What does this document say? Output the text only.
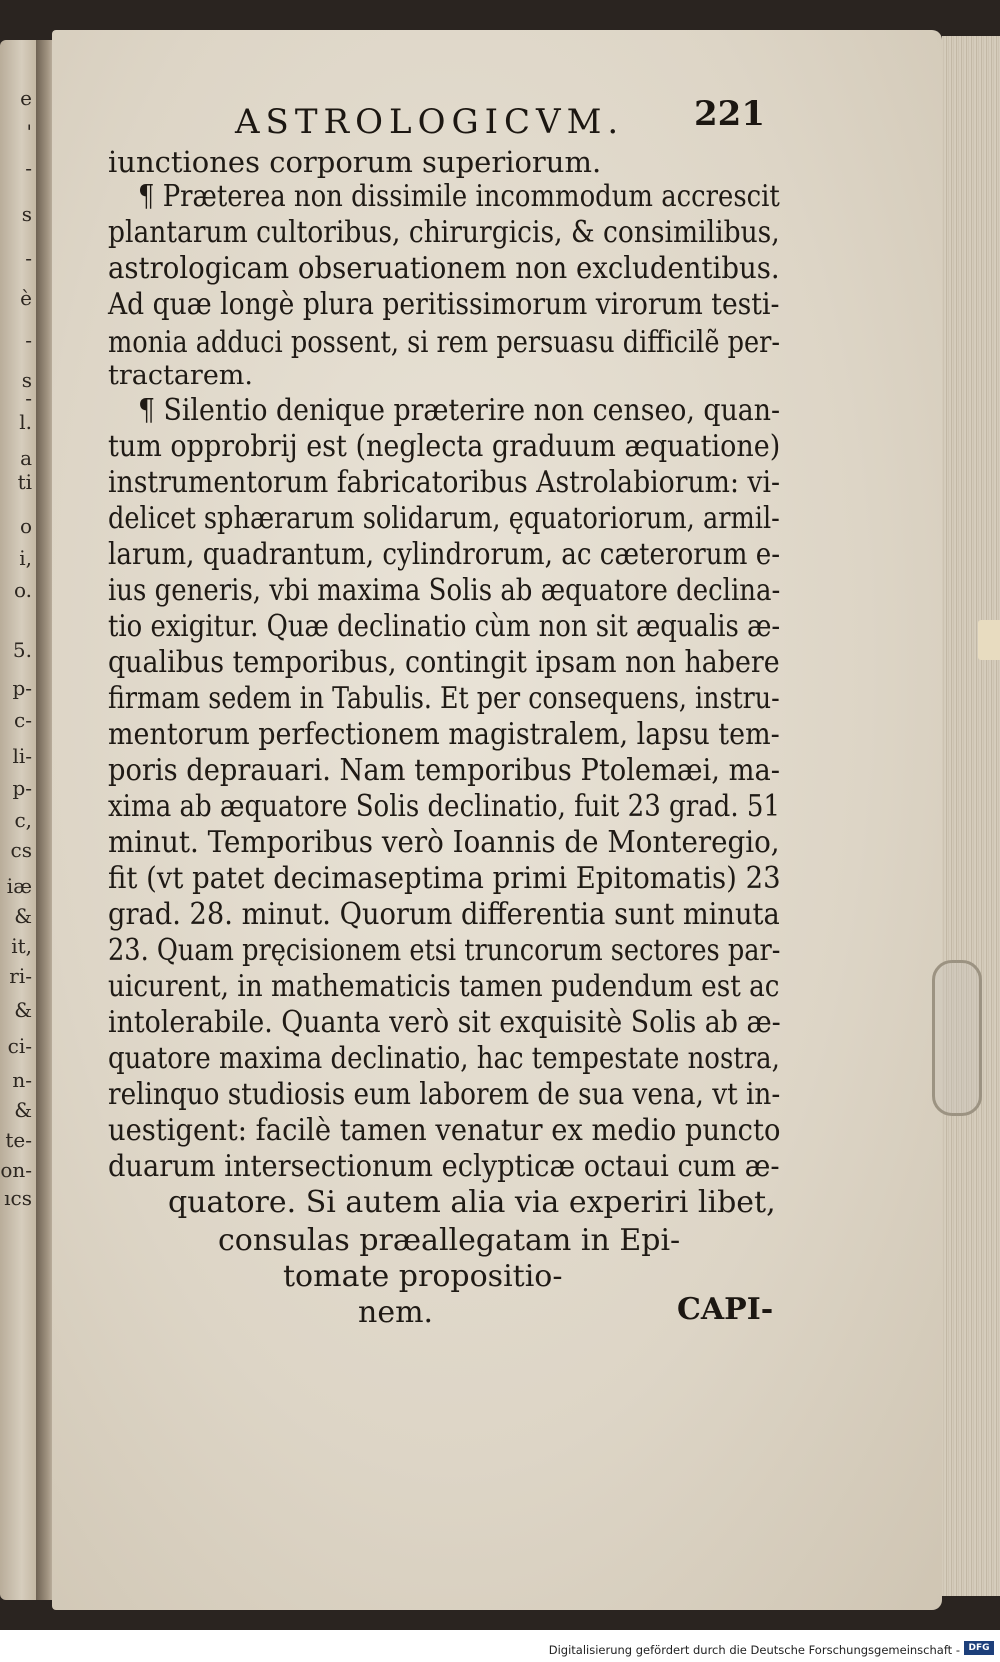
e
'
-
s
-
è
-
s
-
l.
a
ti
o
i,
o.
5.
p-
c-
li-
p-
c,
cs
iæ
&
it,
ri-
&
ci-
n-
&
te-
on-
ıcs
ASTROLOGICVM.	221
iunctiones corporum superiorum.
¶ Præterea non dissimile incommodum accrescit
plantarum cultoribus, chirurgicis, & consimilibus,
astrologicam obseruationem non excludentibus.
Ad quæ longè plura peritissimorum virorum testi-
monia adduci possent, si rem persuasu difficilẽ per-
tractarem.
¶ Silentio denique præterire non censeo, quan-
tum opprobrij est (neglecta graduum æquatione)
instrumentorum fabricatoribus Astrolabiorum: vi-
delicet sphærarum solidarum, ęquatoriorum, armil-
larum, quadrantum, cylindrorum, ac cæterorum e-
ius generis, vbi maxima Solis ab æquatore declina-
tio exigitur. Quæ declinatio cùm non sit æqualis æ-
qualibus temporibus, contingit ipsam non habere
firmam sedem in Tabulis. Et per consequens, instru-
mentorum perfectionem magistralem, lapsu tem-
poris deprauari. Nam temporibus Ptolemæi, ma-
xima ab æquatore Solis declinatio, fuit 23 grad. 51
minut. Temporibus verò Ioannis de Monteregio,
fit (vt patet decimaseptima primi Epitomatis) 23
grad. 28. minut. Quorum differentia sunt minuta
23. Quam pręcisionem etsi truncorum sectores par-
uicurent, in mathematicis tamen pudendum est ac
intolerabile. Quanta verò sit exquisitè Solis ab æ-
quatore maxima declinatio, hac tempestate nostra,
relinquo studiosis eum laborem de sua vena, vt in-
uestigent: facilè tamen venatur ex medio puncto
duarum intersectionum eclypticæ octaui cum æ-
quatore. Si autem alia via experiri libet,
consulas præallegatam in Epi-
tomate propositio-
nem.	CAPI-
Digitalisierung gefördert durch die Deutsche Forschungsgemeinschaft - DFG
